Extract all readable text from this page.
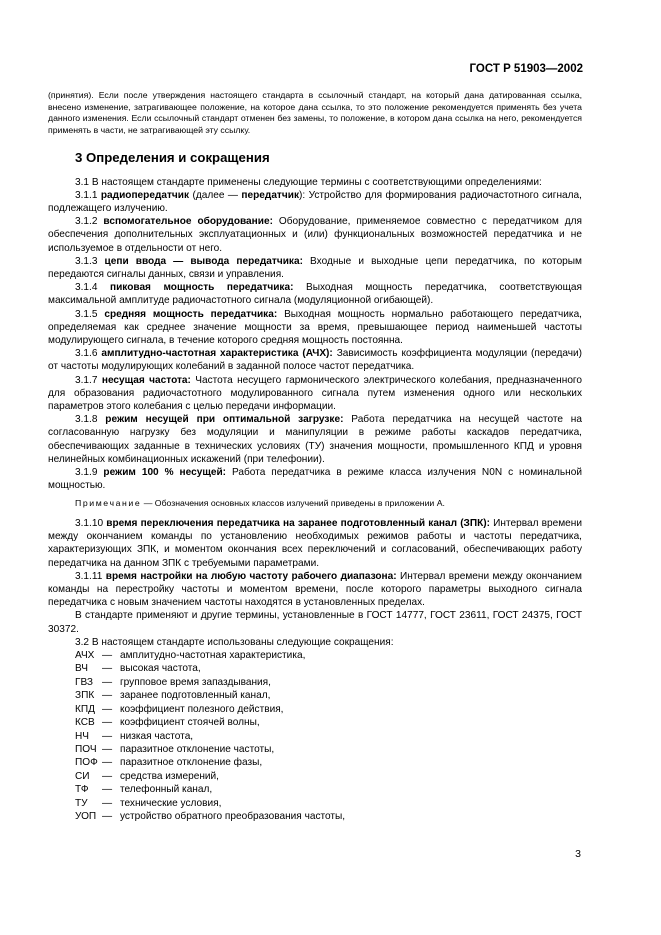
ГОСТ Р 51903—2002

(принятия). Если после утверждения настоящего стандарта в ссылочный стандарт, на который дана датированная ссылка, внесено изменение, затрагивающее положение, на которое дана ссылка, то это положение рекомендуется применять без учета данного изменения. Если ссылочный стандарт отменен без замены, то положение, в котором дана ссылка на него, рекомендуется применять в части, не затрагивающей эту ссылку.

3 Определения и сокращения

3.1 В настоящем стандарте применены следующие термины с соответствующими определениями:

3.1.1 радиопередатчик (далее — передатчик): Устройство для формирования радиочастотного сигнала, подлежащего излучению.

3.1.2 вспомогательное оборудование: Оборудование, применяемое совместно с передатчиком для обеспечения дополнительных эксплуатационных и (или) функциональных возможностей передатчика и не используемое в отдельности от него.

3.1.3 цепи ввода — вывода передатчика: Входные и выходные цепи передатчика, по которым передаются сигналы данных, связи и управления.

3.1.4 пиковая мощность передатчика: Выходная мощность передатчика, соответствующая максимальной амплитуде радиочастотного сигнала (модуляционной огибающей).

3.1.5 средняя мощность передатчика: Выходная мощность нормально работающего передатчика, определяемая как среднее значение мощности за время, превышающее период наименьшей частоты модулирующего сигнала, в течение которого средняя мощность постоянна.

3.1.6 амплитудно-частотная характеристика (АЧХ): Зависимость коэффициента модуляции (передачи) от частоты модулирующих колебаний в заданной полосе частот передатчика.

3.1.7 несущая частота: Частота несущего гармонического электрического колебания, предназначенного для образования радиочастотного модулированного сигнала путем изменения одного или нескольких параметров этого колебания с целью передачи информации.

3.1.8 режим несущей при оптимальной загрузке: Работа передатчика на несущей частоте на согласованную нагрузку без модуляции и манипуляции в режиме работы каскадов передатчика, обеспечивающих заданные в технических условиях (ТУ) значения мощности, промышленного КПД и уровня нелинейных комбинационных искажений (при телефонии).

3.1.9 режим 100 % несущей: Работа передатчика в режиме класса излучения N0N с номинальной мощностью.

Примечание — Обозначения основных классов излучений приведены в приложении А.

3.1.10 время переключения передатчика на заранее подготовленный канал (ЗПК): Интервал времени между окончанием команды по установлению необходимых режимов работы и частоты передатчика, характеризующих ЗПК, и моментом окончания всех переключений и согласований, обеспечивающих работу передатчика на данном ЗПК с требуемыми параметрами.

3.1.11 время настройки на любую частоту рабочего диапазона: Интервал времени между окончанием команды на перестройку частоты и моментом времени, после которого параметры выходного сигнала передатчика с новым значением частоты находятся в установленных пределах.

В стандарте применяют и другие термины, установленные в ГОСТ 14777, ГОСТ 23611, ГОСТ 24375, ГОСТ 30372.

3.2 В настоящем стандарте использованы следующие сокращения:

АЧХ — амплитудно-частотная характеристика,
ВЧ	— высокая частота,
ГВЗ — групповое время запаздывания,
ЗПК — заранее подготовленный канал,
КПД — коэффициент полезного действия,
КСВ — коэффициент стоячей волны,
НЧ	— низкая частота,
ПОЧ — паразитное отклонение частоты,
ПОФ — паразитное отклонение фазы,
СИ	— средства измерений,
ТФ	— телефонный канал,
ТУ	— технические условия,
УОП — устройство обратного преобразования частоты,
3
